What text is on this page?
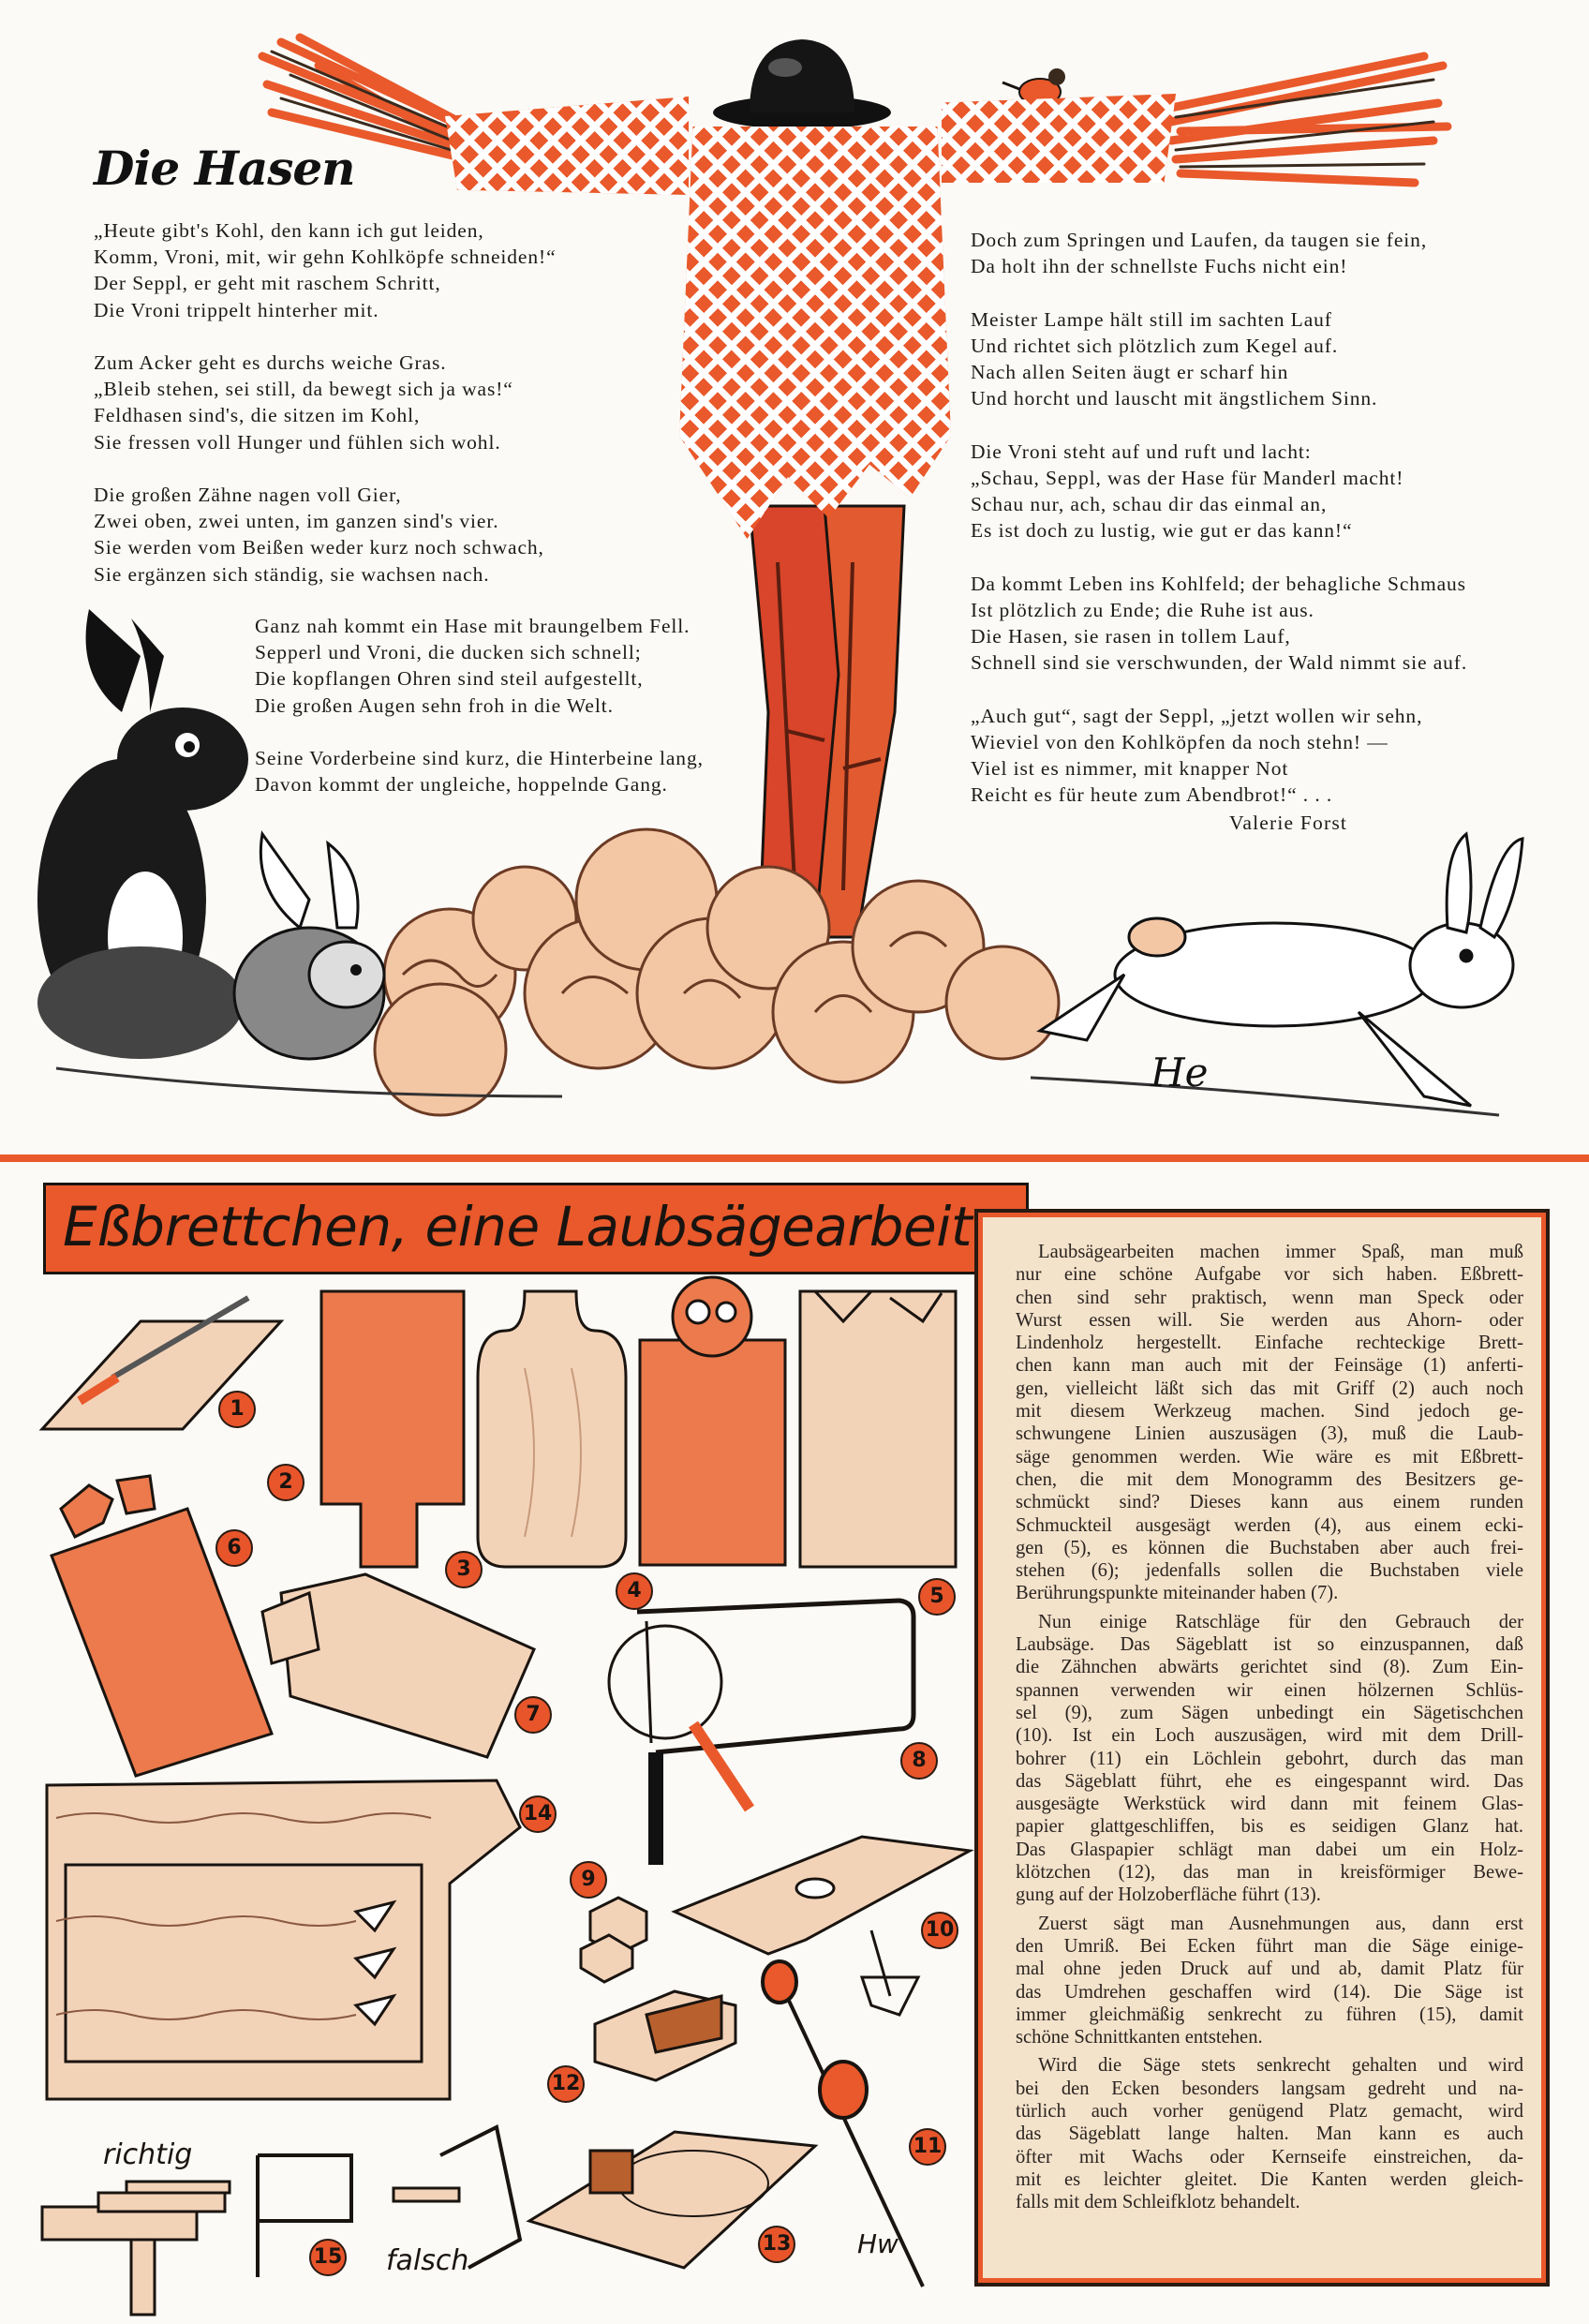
Die Hasen
„Heute gibt's Kohl, den kann ich gut leiden,
Komm, Vroni, mit, wir gehn Kohlköpfe schneiden!“
Der Seppl, er geht mit raschem Schritt,
Die Vroni trippelt hinterher mit.
Zum Acker geht es durchs weiche Gras.
„Bleib stehen, sei still, da bewegt sich ja was!“
Feldhasen sind's, die sitzen im Kohl,
Sie fressen voll Hunger und fühlen sich wohl.
Die großen Zähne nagen voll Gier,
Zwei oben, zwei unten, im ganzen sind's vier.
Sie werden vom Beißen weder kurz noch schwach,
Sie ergänzen sich ständig, sie wachsen nach.
Ganz nah kommt ein Hase mit braungelbem Fell.
Sepperl und Vroni, die ducken sich schnell;
Die kopflangen Ohren sind steil aufgestellt,
Die großen Augen sehn froh in die Welt.
Seine Vorderbeine sind kurz, die Hinterbeine lang,
Davon kommt der ungleiche, hoppelnde Gang.
Doch zum Springen und Laufen, da taugen sie fein,
Da holt ihn der schnellste Fuchs nicht ein!
Meister Lampe hält still im sachten Lauf
Und richtet sich plötzlich zum Kegel auf.
Nach allen Seiten äugt er scharf hin
Und horcht und lauscht mit ängstlichem Sinn.
Die Vroni steht auf und ruft und lacht:
„Schau, Seppl, was der Hase für Manderl macht!
Schau nur, ach, schau dir das einmal an,
Es ist doch zu lustig, wie gut er das kann!“
Da kommt Leben ins Kohlfeld; der behagliche Schmaus
Ist plötzlich zu Ende; die Ruhe ist aus.
Die Hasen, sie rasen in tollem Lauf,
Schnell sind sie verschwunden, der Wald nimmt sie auf.
„Auch gut“, sagt der Seppl, „jetzt wollen wir sehn,
Wieviel von den Kohlköpfen da noch stehn! —
Viel ist es nimmer, mit knapper Not
Reicht es für heute zum Abendbrot!“ . . .
Valerie Forst
He
Eßbrettchen, eine Laubsägearbeit	Laubsägearbeiten machen immer Spaß, man muß
nur eine schöne Aufgabe vor sich haben. Eßbrett-
chen sind sehr praktisch, wenn man Speck oder
Wurst essen will. Sie werden aus Ahorn- oder
Lindenholz hergestellt. Einfache rechteckige Brett-
chen kann man auch mit der Feinsäge (1) anferti-
gen, vielleicht läßt sich das mit Griff (2) auch noch
mit diesem Werkzeug machen. Sind jedoch ge-
schwungene Linien auszusägen (3), muß die Laub-
säge genommen werden. Wie wäre es mit Eßbrett-
chen, die mit dem Monogramm des Besitzers ge-
schmückt sind? Dieses kann aus einem runden
Schmuckteil ausgesägt werden (4), aus einem ecki-
gen (5), es können die Buchstaben aber auch frei-
stehen (6); jedenfalls sollen die Buchstaben viele
Berührungspunkte miteinander haben (7).
Nun einige Ratschläge für den Gebrauch der
Laubsäge. Das Sägeblatt ist so einzuspannen, daß
die Zähnchen abwärts gerichtet sind (8). Zum Ein-
spannen verwenden wir einen hölzernen Schlüs-
sel (9), zum Sägen unbedingt ein Sägetischchen
(10). Ist ein Loch auszusägen, wird mit dem Drill-
bohrer (11) ein Löchlein gebohrt, durch das man
das Sägeblatt führt, ehe es eingespannt wird. Das
ausgesägte Werkstück wird dann mit feinem Glas-
papier glattgeschliffen, bis es seidigen Glanz hat.
Das Glaspapier schlägt man dabei um ein Holz-
klötzchen (12), das man in kreisförmiger Bewe-
gung auf der Holzoberfläche führt (13).
Zuerst sägt man Ausnehmungen aus, dann erst
den Umriß. Bei Ecken führt man die Säge einige-
mal ohne jeden Druck auf und ab, damit Platz für
das Umdrehen geschaffen wird (14). Die Säge ist
immer gleichmäßig senkrecht zu führen (15), damit
schöne Schnittkanten entstehen.
Wird die Säge stets senkrecht gehalten und wird
bei den Ecken besonders langsam gedreht und na-
türlich auch vorher genügend Platz gemacht, wird
das Sägeblatt lange halten. Man kann es auch
öfter mit Wachs oder Kernseife einstreichen, da-
mit es leichter gleitet. Die Kanten werden gleich-
falls mit dem Schleifklotz behandelt.
richtig
falsch
Hw
1
2
3
4	5
6
7
8
9
10
11
12
13
14
15
